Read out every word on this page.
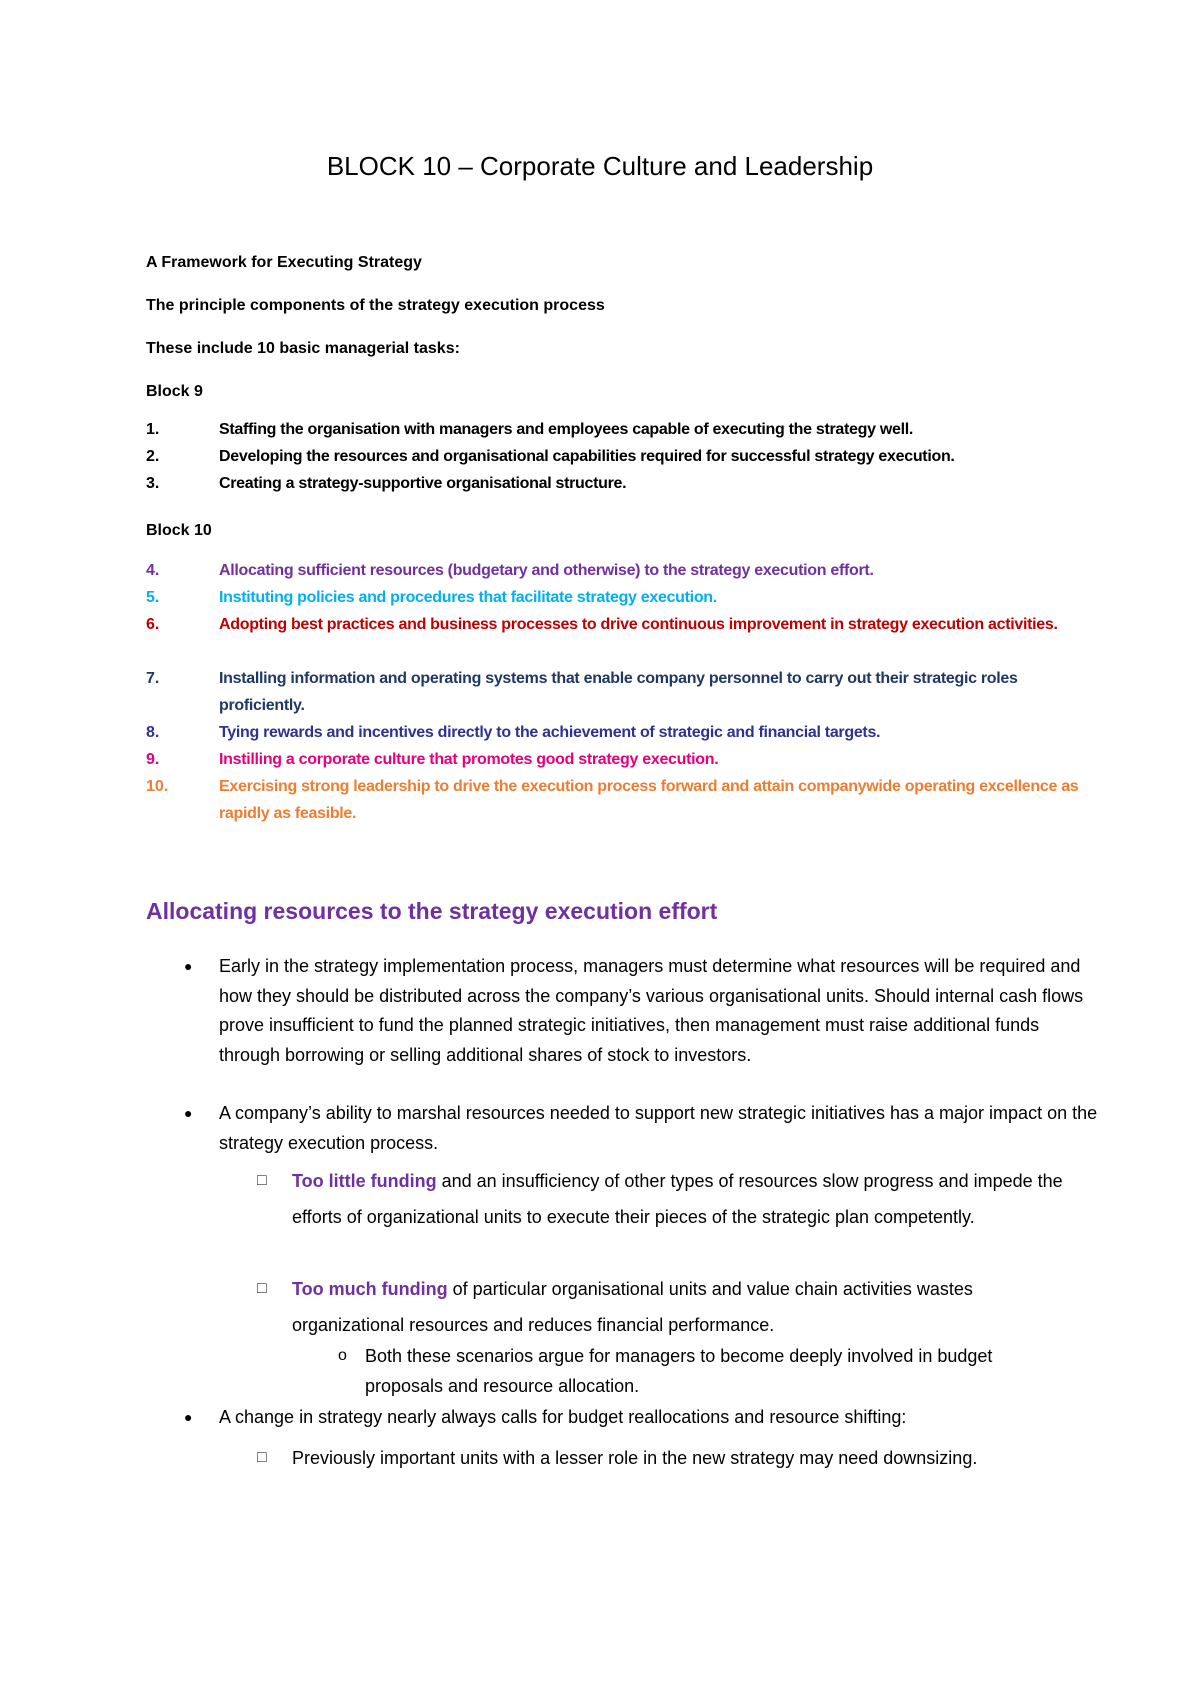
BLOCK 10 – Corporate Culture and Leadership
A Framework for Executing Strategy
The principle components of the strategy execution process
These include 10 basic managerial tasks:
Block 9
1.	Staffing the organisation with managers and employees capable of executing the strategy well.
2.	Developing the resources and organisational capabilities required for successful strategy execution.
3.	Creating a strategy-supportive organisational structure.
Block 10
4.	Allocating sufficient resources (budgetary and otherwise) to the strategy execution effort.
5.	Instituting policies and procedures that facilitate strategy execution.
6.	Adopting best practices and business processes to drive continuous improvement in strategy execution activities.
7.	Installing information and operating systems that enable company personnel to carry out their strategic roles proficiently.
8.	Tying rewards and incentives directly to the achievement of strategic and financial targets.
9.	Instilling a corporate culture that promotes good strategy execution.
10.	Exercising strong leadership to drive the execution process forward and attain companywide operating excellence as rapidly as feasible.
Allocating resources to the strategy execution effort
● Early in the strategy implementation process, managers must determine what resources will be required and how they should be distributed across the company’s various organisational units. Should internal cash flows prove insufficient to fund the planned strategic initiatives, then management must raise additional funds through borrowing or selling additional shares of stock to investors.
● A company’s ability to marshal resources needed to support new strategic initiatives has a major impact on the strategy execution process.
□ Too little funding and an insufficiency of other types of resources slow progress and impede the efforts of organizational units to execute their pieces of the strategic plan competently.
□ Too much funding of particular organisational units and value chain activities wastes organizational resources and reduces financial performance.
o Both these scenarios argue for managers to become deeply involved in budget proposals and resource allocation.
● A change in strategy nearly always calls for budget reallocations and resource shifting:
□ Previously important units with a lesser role in the new strategy may need downsizing.
